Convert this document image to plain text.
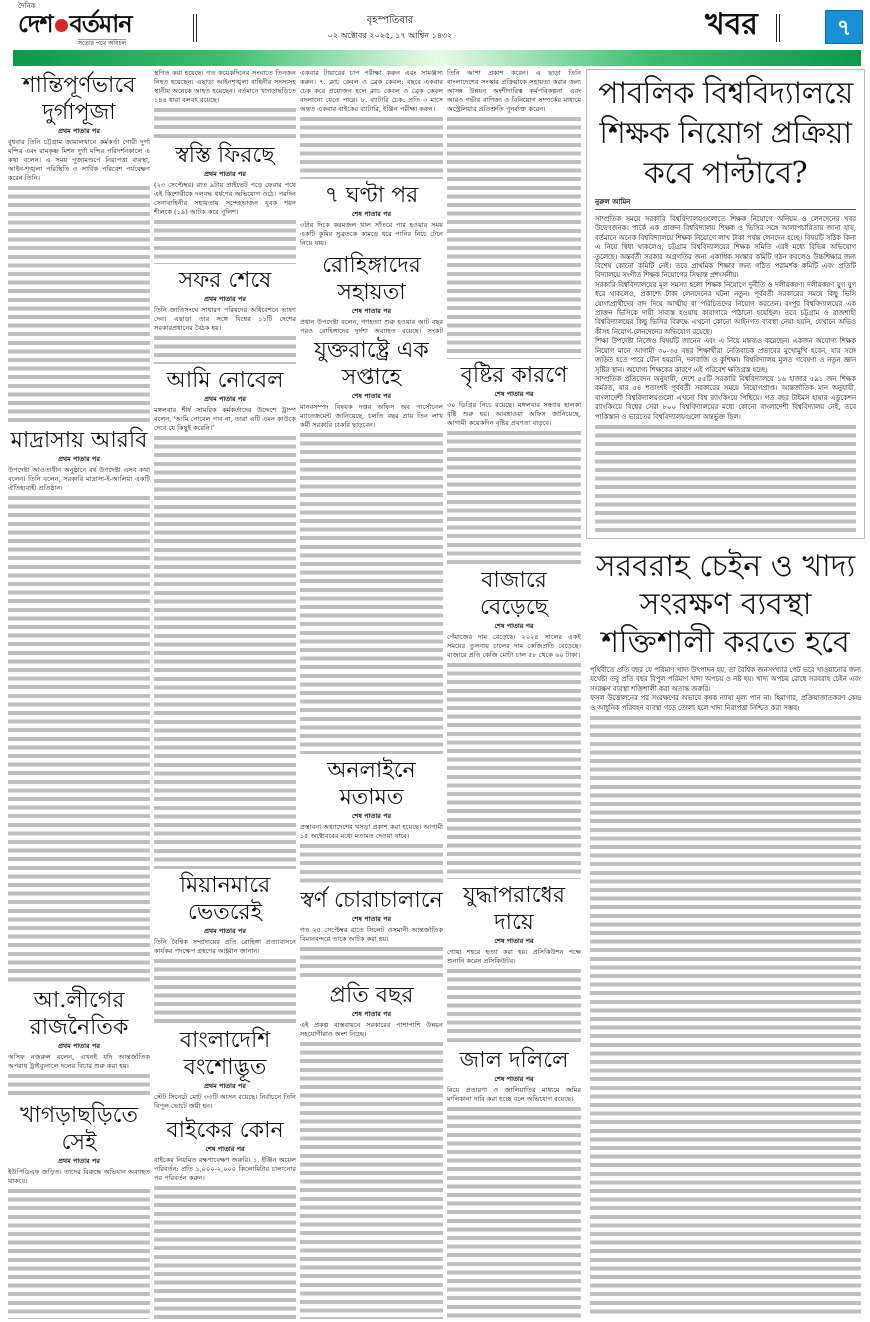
দৈনিক
দেশ বর্তমান
সত্যের পথে অবিচল
বৃহস্পতিবার
০২ অক্টোবর ২০২৫, ১৭ আশ্বিন ১৪৩২	খবর	৭
শান্তিপূর্ণভাবে দুর্গাপূজা
প্রথম পাতার পর

বুধবার তিনি চট্টগ্রাম জামালখানে কর্মকর্তা গোরী দুর্গা মন্দির এবং রামকৃষ্ণ মিশন দুর্গা মন্দির পরিদর্শনকালে এ কথা বলেন। এ সময় পূজামণ্ডপে নিরাপত্তা ব্যবস্থা, আইন-শৃঙ্খলা পরিস্থিতি ও সার্বিক পরিবেশ পর্যবেক্ষণ করেন তিনি।

মাদ্রাসায় আরবি
প্রথম পাতার পর

উপদেষ্টা আওতাধীন অনুষ্ঠানে বর্ষ উপদেষ্টা এসব কথা বলেন। তিনি বলেন, সরকারি মাদ্রাসা-ই-আলিয়া একটি ঐতিহ্যবাহী প্রতিষ্ঠান।

আ.লীগের রাজনৈতিক
প্রথম পাতার পর

অসিফ নজরুল বলেন, এখনই যদি আন্তর্জাতিক অপরাধ ট্রাইব্যুনালে দলের বিচার শুরু করা হয়।

খাগড়াছড়িতে সেই
প্রথম পাতার পর

ইউপিডিএফ জড়িত। তাদের বিরুদ্ধে অভিযান অব্যাহত থাকবে।

স্থগিত করা হয়েছে। গত কয়েকদিনের সংঘাতে তিনজন নিহত হয়েছেন। এছাড়া আইনশৃঙ্খলা বাহিনীর সদস্যসহ স্থানীয় অনেকে আহত হয়েছেন। বর্তমানে খাগড়াছড়িতে ১৪৪ ধারা বলবৎ রয়েছে।

স্বস্তি ফিরছে
প্রথম পাতার পর

(২৩ সেপ্টেম্বর) রাত ৯টায় প্রাইভেট পড়ে ফেরার পথে এই কিশোরীকে দলবদ্ধ ধর্ষণের অভিযোগ ওঠে। পরদিন সেনাবাহিনীর সহায়তায় সন্দেহভাজন যুবক শয়ন শীলকে (১৯) আটক করে পুলিশ।

সফর শেষে
প্রথম পাতার পর

তিনি জাতিসংঘে সাধারণ পরিষদের অধিবেশনে ভাষণ দেন। এছাড়া তার সঙ্গে বিশ্বের ১১টি দেশের সরকারপ্রধানের বৈঠক হয়।

আমি নোবেল
প্রথম পাতার পর

মঙ্গলবার শীর্ষ সামরিক কর্মকর্তাদের উদ্দেশে ট্রাম্প বলেন, 'আমি নোবেল পাব না, তারা এটি এমন কাউকে দেবে যে কিছুই করেনি।'

মিয়ানমারে ভেতরেই
প্রথম পাতার পর

তিনি বৈশ্বিক সম্প্রদায়ের প্রতি রোহিঙ্গা প্রত্যাবাসনে কার্যকর পদক্ষেপ গ্রহণের আহ্বান জানান।

বাংলাদেশি বংশোদ্ভূত
প্রথম পাতার পর

স্টেট সিনেটে মোট ৩৩টি আসন রয়েছে। নির্বাচনে তিনি বিপুল ভোটে জয়ী হন।

বাইকের কোন
শেষ পাতার পর

বাইকের নিয়মিত রক্ষণাবেক্ষণ জরুরি। ১. ইঞ্জিন অয়েল পরিবর্তন: প্রতি ১,০০০-২,০০০ কিলোমিটার চালানোর পর পরিবর্তন করুন।

একবার টায়ারের চাপ পরীক্ষা করুন এবং সামঞ্জস্য করুন। ৭. ক্লাচ কেবল ও ব্রেক কেবল: বছরে একবার চেক করে প্রয়োজন হলে ক্লাচ কেবল ও ব্রেক কেবল বদলানো যেতে পারে। ৮. ব্যাটারি চেক: প্রতি ৩ মাসে অন্তত একবার বাইকের ব্যাটারি, ইঞ্জিন পরীক্ষা করুন।

৭ ঘণ্টা পর
শেষ পাতার পর

৩টার দিকে করমজল খাল সাঁতরে পার হওয়ার সময় একটি কুমির সুব্রতকে কামড়ে ধরে পানির নিচে টেনে নিয়ে যায়।

রোহিঙ্গাদের সহায়তা
শেষ পাতার পর

প্রধান উপদেষ্টা বলেন, গণহত্যা শুরু হওয়ার আট বছর পরও রোহিঙ্গাদের দুর্দশা অব্যাহত রয়েছে। সংকট

যুক্তরাষ্ট্রে এক সপ্তাহে
শেষ পাতার পর

মানবসম্পদ বিষয়ক দপ্তর অফিস অব পার্সোনেল ম্যানেজমেন্ট জানিয়েছে, চলতি বছর প্রায় তিন লাখ কর্মী সরকারি চাকরি ছাড়বেন।

অনলাইনে মতামত
শেষ পাতার পর

প্রস্তাবনা অধ্যাদেশের খসড়া প্রকাশ করা হয়েছে। আগামী ১৫ অক্টোবরের মধ্যে মতামত দেওয়া যাবে।

স্বর্ণ চোরাচালানে
শেষ পাতার পর

গত ২৫ সেপ্টেম্বর রাতে সিলেট ওসমানী আন্তর্জাতিক বিমানবন্দরে তাকে আটক করা হয়।

প্রতি বছর
শেষ পাতার পর

এই প্রকল্প বাস্তবায়নে সরকারের পাশাপাশি উন্নয়ন সহযোগীরাও অংশ নিচ্ছে।

তিনি আশা প্রকাশ করেন। এ ছাড়া তিনি বাংলাদেশের সংস্কার প্রক্রিয়াকে সহায়তা করার জন্য আসন্ন উন্নয়ন অংশীদারিত্ব কর্মপরিকল্পনা এবং আরও গভীর বাণিজ্য ও বিনিয়োগ সম্পর্কের মাধ্যমে অস্ট্রেলিয়ার প্রতিশ্রুতি পুনর্ব্যক্ত করেন।

বৃষ্টির কারণে
শেষ পাতার পর

৩০ ডিগ্রির নিচে রয়েছে। মঙ্গলবার সন্ধ্যায় হালকা বৃষ্টি শুরু হয়। আবহাওয়া অফিস জানিয়েছে, আগামী কয়েকদিন বৃষ্টির প্রবণতা বাড়বে।

বাজারে বেড়েছে
শেষ পাতার পর

পেঁয়াজের দাম বেড়েছে। ২০২৪ সালের একই সময়ের তুলনায় চালের দাম কেজিপ্রতি বেড়েছে। বাজারে প্রতি কেজি মোটা চাল ৫৮ থেকে ৬০ টাকা।

যুদ্ধাপরাধের দায়ে
শেষ পাতার পর

গোয়া শহরে হত্যা করা হয়। প্রসিকিউশন পক্ষে শুনানি করেন প্রসিকিউটর।

জাল দলিলে
শেষ পাতার পর

নিয়ে প্রতারণা ও জালিয়াতির মাধ্যমে জমির মালিকানা দাবি করা হচ্ছে বলে অভিযোগ রয়েছে।

পাবলিক বিশ্ববিদ্যালয়ে শিক্ষক নিয়োগ প্রক্রিয়া কবে পাল্টাবে?
নুরুল আমিন

সাম্প্রতিক সময়ে সরকারি বিশ্ববিদ্যালয়গুলোতে শিক্ষক নিয়োগে অনিয়ম ও লেনদেনের খবর উদ্বেগজনক। পার্কে এক প্রাক্তন বিশ্ববিদ্যালয় শিক্ষক ও ভিসির সঙ্গে আলাপচারিতায় জানা যায়, বর্তমানে অনেক বিশ্ববিদ্যালয়ে শিক্ষক নিয়োগে লাখ টাকা পর্যন্ত লেনদেন হচ্ছে। বিষয়টি সঠিক কিনা এ নিয়ে দ্বিধা থাকলেও, চট্টগ্রাম বিশ্ববিদ্যালয়ের শিক্ষক সমিতি এরই মধ্যে বিভিন্ন অভিযোগ তুলেছে। অন্তর্বর্তী সরকার অগ্রগতির জন্য একাধিক সংস্কার কমিটি গঠন করলেও উচ্চশিক্ষার জন্য বিশেষ কোনো কমিটি নেই। তবে প্রাথমিক শিক্ষার জন্য গঠিত পরামর্শক কমিটি এবং প্রতিটি বিদ্যালয়ে সংগীত শিক্ষক নিয়োগের সিদ্ধান্ত প্রশংসনীয়।

সরকারি বিশ্ববিদ্যালয়ের মূল সমস্যা হলো শিক্ষক নিয়োগে দুর্নীতি ও দলীয়করণ। দলীয়করণ যুগ যুগ ধরে থাকলেও, প্রকাশ্যে টাকা লেনদেনের ঘটনা নতুন। পূর্ববর্তী সরকারের সময়ে কিছু ভিসি যোগ্যপ্রার্থীদের বাদ দিয়ে আত্মীয় বা পরিচিতদের নিয়োগ করতেন। রংপুর বিশ্ববিদ্যালয়ের এক প্রাক্তন ভিসিকে দায়ী সাব্যস্ত হওয়ায় কারাগারে পাঠানো হয়েছিল। তবে চট্টগ্রাম ও রাজশাহী বিশ্ববিদ্যালয়ের কিছু ভিসির বিরুদ্ধে এখনো কোনো আইনগত ব্যবস্থা নেয়া হয়নি, যেখানে অভিও কীসহ নিয়োগ-লেনদেনের অভিযোগ রয়েছে।

শিক্ষা উপদেষ্টা নিজেও বিষয়টি জানেন এবং এ নিয়ে মন্তব্যও করেছেন। একজন অযোগ্য শিক্ষক নিয়োগ মানে আগামী ৩০-৩৫ বছর শিক্ষার্থীরা নেতিবাচক প্রভাবের মুখোমুখি হবেন, যার সঙ্গে জড়িত হতে পারে যৌন হয়রানি, দলবাজি ও কুশিক্ষা। বিশ্ববিদ্যালয় মূলত গবেষণা ও নতুন জ্ঞান সৃষ্টির স্থান। অযোগ্য শিক্ষকের কারণে এই পরিবেশ ক্ষতিগ্রস্ত হচ্ছে।

সাম্প্রতিক প্রতিবেদন অনুযায়ী, দেশে ৫৫টি সরকারি বিশ্ববিদ্যালয়ে ১৬ হাজার ৫৯১ জন শিক্ষক কর্মরত, যার ৫৪ শতাংশই পূর্ববর্তী সরকারের সময়ে নিয়োগপ্রাপ্ত। আন্তর্জাতিক মান অনুযায়ী, বাংলাদেশী বিশ্ববিদ্যালয়গুলো এখনো বিশ্ব র‍্যাংকিংয়ে পিছিয়ে। গত বছর টাইমস হায়ার এডুকেশন র‍্যাংকিংয়ে বিশ্বের সেরা ৮০০ বিশ্ববিদ্যালয়ের মধ্যে কোনো বাংলাদেশী বিশ্ববিদ্যালয় নেই, তবে পাকিস্তান ও ভারতের বিশ্ববিদ্যালয়গুলো অন্তর্ভুক্ত ছিল।

সরবরাহ চেইন ও খাদ্য সংরক্ষণ ব্যবস্থা শক্তিশালী করতে হবে

পৃথিবীতে প্রতি বছর যে পরিমাণ খাদ্য উৎপাদন হয়, তা বৈশ্বিক জনসংখ্যার পেট ভরে খাওয়ানোর জন্য যথেষ্ট। তবু প্রতি বছর বিপুল পরিমাণ খাদ্য অপচয় ও নষ্ট হয়। খাদ্য অপচয় রোধে সরবরাহ চেইন এবং সংরক্ষণ ব্যবস্থা শক্তিশালী করা অত্যন্ত জরুরি।

ফসল উত্তোলনের পর সংরক্ষণের অভাবে কৃষক ন্যায্য মূল্য পান না। হিমাগার, প্রক্রিয়াজাতকরণ কেন্দ্র ও আধুনিক পরিবহন ব্যবস্থা গড়ে তোলা হলে খাদ্য নিরাপত্তা নিশ্চিত করা সম্ভব।
